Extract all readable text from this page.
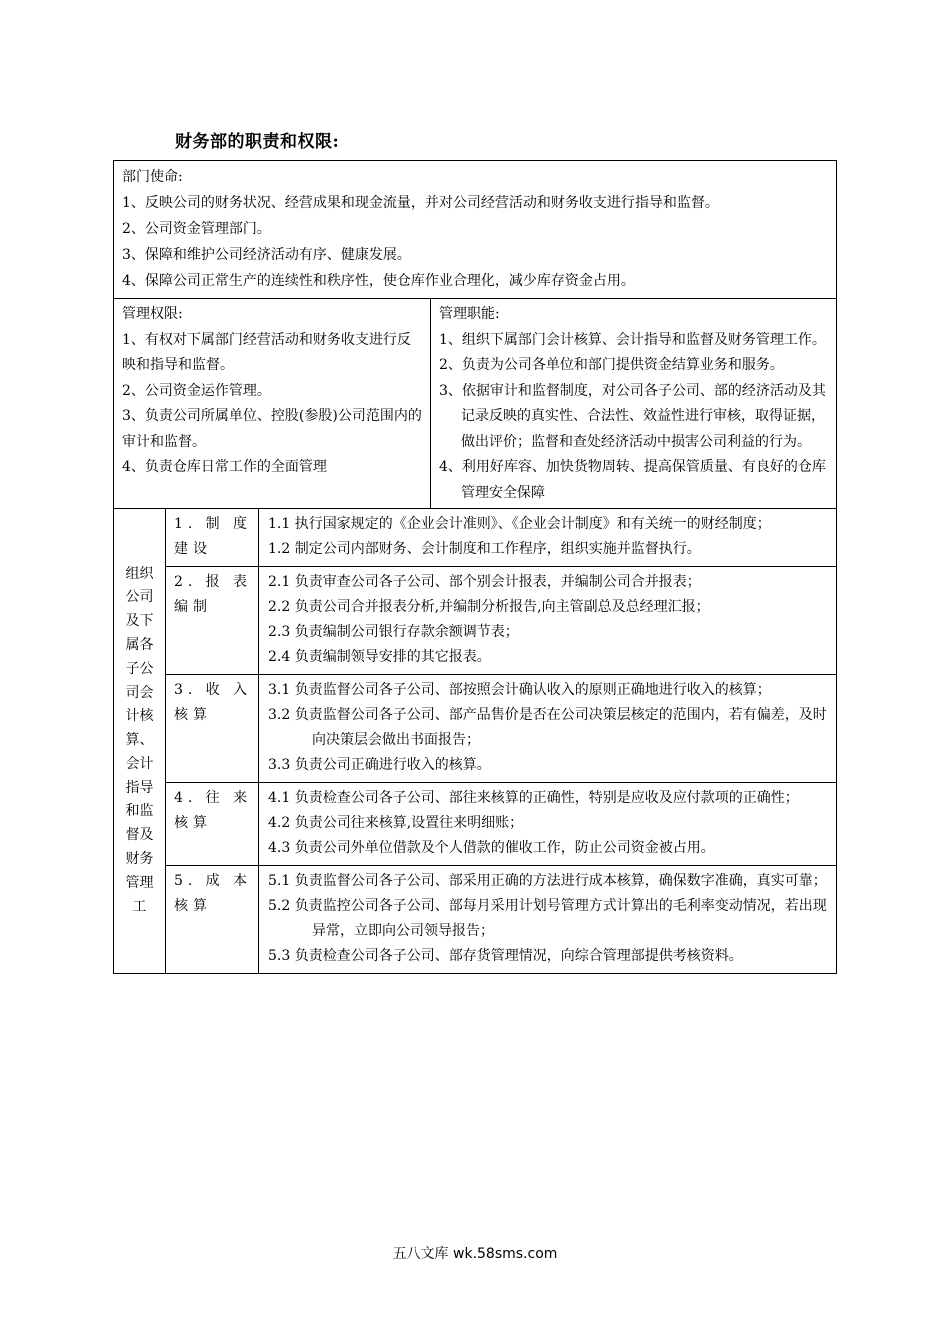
财务部的职责和权限:

部门使命:

1、反映公司的财务状况、经营成果和现金流量，并对公司经营活动和财务收支进行指导和监督。

2、公司资金管理部门。

3、保障和维护公司经济活动有序、健康发展。

4、保障公司正常生产的连续性和秩序性，使仓库作业合理化，减少库存资金占用。

管理权限:

1、有权对下属部门经营活动和财务收支进行反映和指导和监督。

2、公司资金运作管理。

3、负责公司所属单位、控股(参股)公司范围内的审计和监督。

4、负责仓库日常工作的全面管理

管理职能:

1、组织下属部门会计核算、会计指导和监督及财务管理工作。

2、负责为公司各单位和部门提供资金结算业务和服务。

3、依据审计和监督制度，对公司各子公司、部的经济活动及其记录反映的真实性、合法性、效益性进行审核，取得证据，做出评价；监督和查处经济活动中损害公司利益的行为。

4、利用好库容、加快货物周转、提高保管质量、有良好的仓库管理安全保障

组织公司及下属各子公司会计核算、 会计指导和监督及财务管理工
1.制度建设

1.1 执行国家规定的《企业会计准则》、《企业会计制度》和有关统一的财经制度；

1.2 制定公司内部财务、会计制度和工作程序，组织实施并监督执行。

2.报表编制

2.1 负责审查公司各子公司、部个别会计报表，并编制公司合并报表；

2.2 负责公司合并报表分析,并编制分析报告,向主管副总及总经理汇报；

2.3 负责编制公司银行存款余额调节表；

2.4 负责编制领导安排的其它报表。

3.收入核算

3.1 负责监督公司各子公司、部按照会计确认收入的原则正确地进行收入的核算；

3.2 负责监督公司各子公司、部产品售价是否在公司决策层核定的范围内，若有偏差，及时向决策层会做出书面报告；

3.3 负责公司正确进行收入的核算。

4.往来核算

4.1 负责检查公司各子公司、部往来核算的正确性，特别是应收及应付款项的正确性；

4.2 负责公司往来核算,设置往来明细账；

4.3 负责公司外单位借款及个人借款的催收工作，防止公司资金被占用。

5.成本核算

5.1 负责监督公司各子公司、部采用正确的方法进行成本核算，确保数字准确，真实可靠；

5.2 负责监控公司各子公司、部每月采用计划号管理方式计算出的毛利率变动情况，若出现异常，立即向公司领导报告；

5.3 负责检查公司各子公司、部存货管理情况，向综合管理部提供考核资料。

五八文库 wk.58sms.com
